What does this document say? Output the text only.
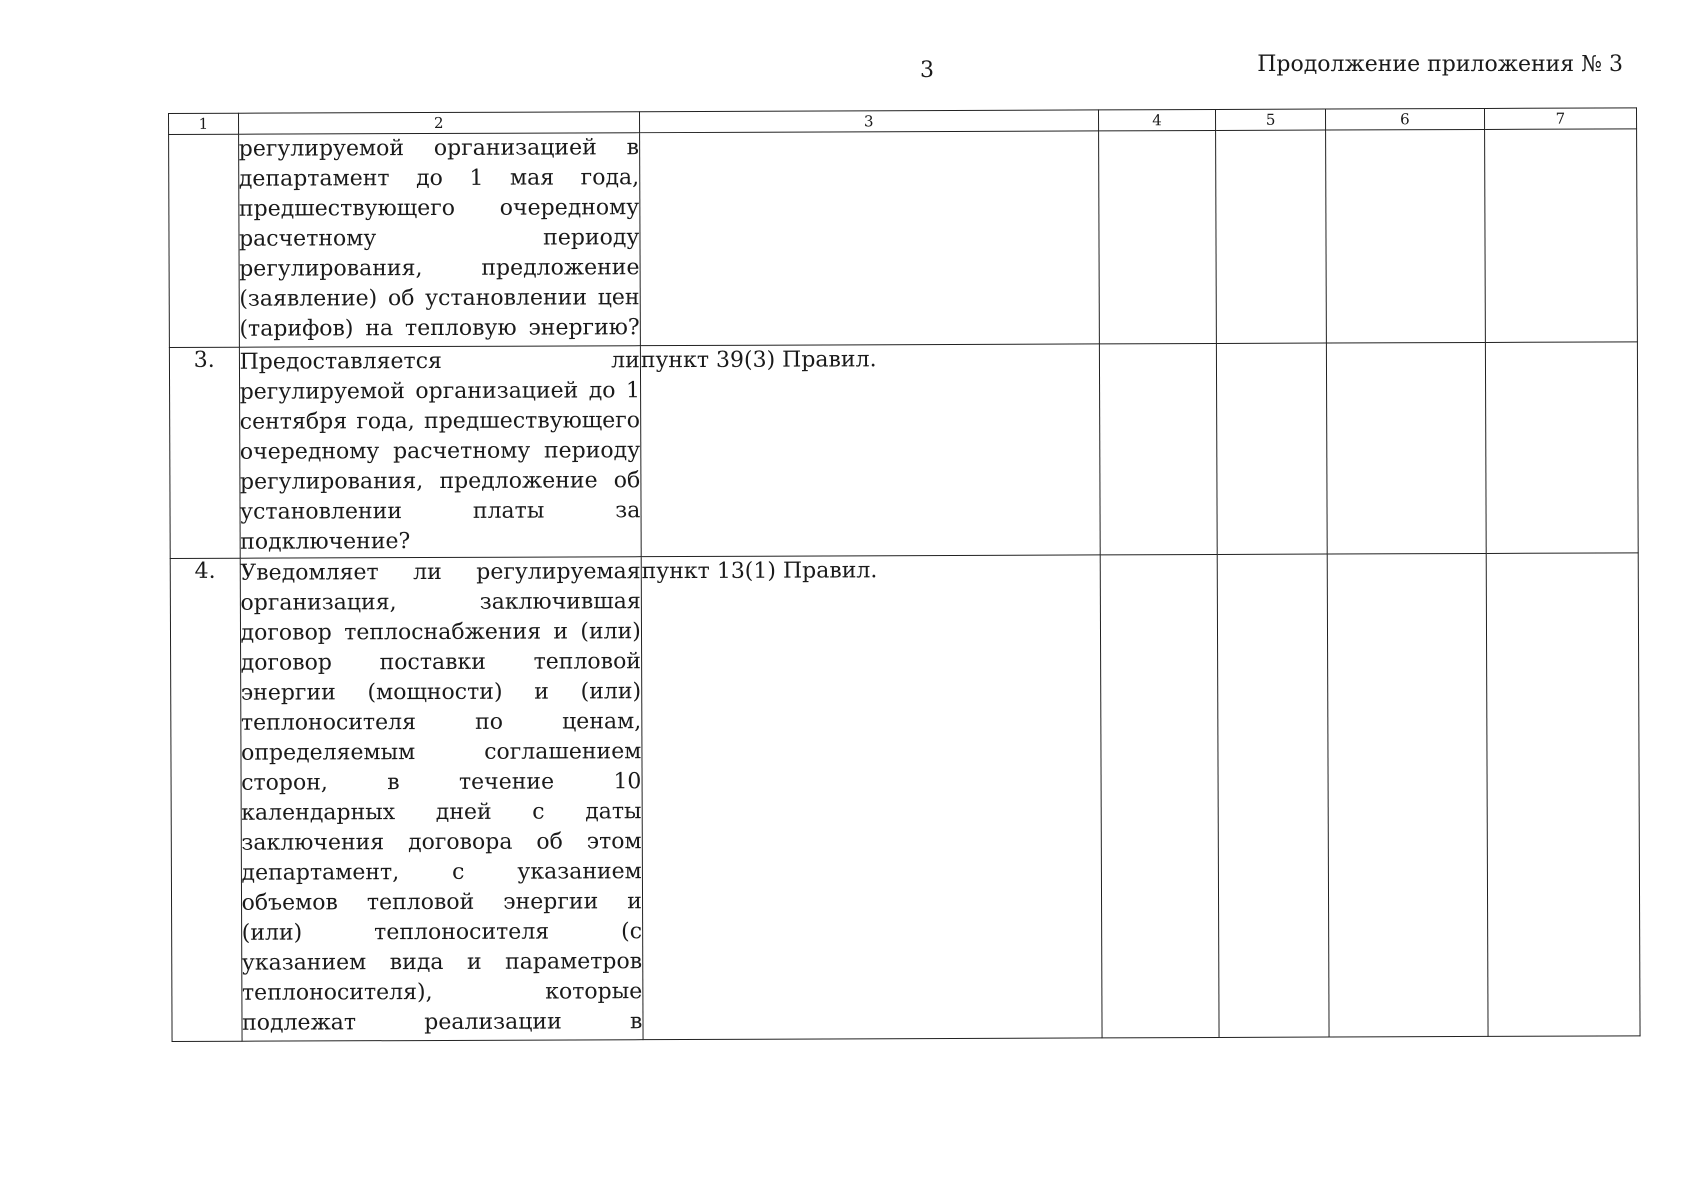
3	Продолжение приложения № 3
1	2	3	4	5	6	7
	регулируемой организацией в департамент до 1 мая года, предшествующего очередному расчетному периоду регулирования, предложение (заявление) об установлении цен (тарифов) на тепловую энергию?					
3.	Предоставляется ли регулируемой организацией до 1 сентября года, предшествующего очередному расчетному периоду регулирования, предложение об установлении платы за подключение?	пункт 39(3) Правил.				
4.	Уведомляет ли регулируемая организация, заключившая договор теплоснабжения и (или) договор поставки тепловой энергии (мощности) и (или) теплоносителя по ценам, определяемым соглашением сторон, в течение 10 календарных дней с даты заключения договора об этом департамент, с указанием объемов тепловой энергии и (или) теплоносителя (с указанием вида и параметров теплоносителя), которые подлежат реализации в	пункт 13(1) Правил.				
